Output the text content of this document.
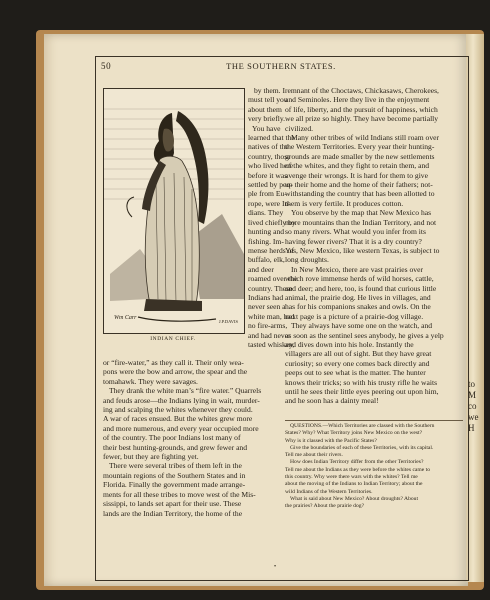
to
M
co
we
H
50	THE SOUTHERN STATES.
Wm Carr
J.P.DAVIS
INDIAN CHIEF.
by them. I
must tell you
about them
very briefly.
You have
learned that the
natives of the
country, those
who lived here
before it was
settled by peo-
ple from Eu-
rope, were In-
dians. They
lived chiefly by
hunting and
fishing. Im-
mense herds of
buffalo, elk,
and deer
roamed over the
country. These
Indians had
never seen a
white man, had
no fire-arms,
and had never
tasted whiskey,
or “fire-water,” as they call it. Their only wea-
pons were the bow and arrow, the spear and the
tomahawk. They were savages.
They drank the white man’s “fire water.” Quarrels
and feuds arose—the Indians lying in wait, murder-
ing and scalping the whites whenever they could.
A war of races ensued. But the whites grew more
and more numerous, and every year occupied more
of the country. The poor Indians lost many of
their best hunting-grounds, and grew fewer and
fewer, but they are fighting yet.
There were several tribes of them left in the
mountain regions of the Southern States and in
Florida. Finally the government made arrange-
ments for all these tribes to move west of the Mis-
sissippi, to lands set apart for their use. These
lands are the Indian Territory, the home of the
remnant of the Choctaws, Chickasaws, Cherokees,
and Seminoles. Here they live in the enjoyment
of life, liberty, and the pursuit of happiness, which
we all prize so highly. They have become partially
civilized.
Many other tribes of wild Indians still roam over
the Western Territories. Every year their hunting-
grounds are made smaller by the new settlements
of the whites, and they fight to retain them, and
avenge their wrongs. It is hard for them to give
up their home and the home of their fathers; not-
withstanding the country that has been allotted to
them is very fertile. It produces cotton.
You observe by the map that New Mexico has
more mountains than the Indian Territory, and not
so many rivers. What would you infer from its
having fewer rivers? That it is a dry country?
Yes, New Mexico, like western Texas, is subject to
long droughts.
In New Mexico, there are vast prairies over
which rove immense herds of wild horses, cattle,
and deer; and here, too, is found that curious little
animal, the prairie dog. He lives in villages, and
has for his companions snakes and owls. On the
next page is a picture of a prairie-dog village.
They always have some one on the watch, and
as soon as the sentinel sees anybody, he gives a yelp
and dives down into his hole. Instantly the
villagers are all out of sight. But they have great
curiosity; so every one comes back directly and
peeps out to see what is the matter. The hunter
knows their tricks; so with his trusty rifle he waits
until he sees their little eyes peering out upon him,
and he soon has a dainty meal!
QUESTIONS.—Which Territories are classed with the Southern
States? Why? What Territory joins New Mexico on the west?
Why is it classed with the Pacific States?
Give the boundaries of each of these Territories, with its capital.
Tell me about their rivers.
How does Indian Territory differ from the other Territories?
Tell me about the Indians as they were before the whites came to
this country. Why were there wars with the whites? Tell me
about the moving of the Indians to Indian Territory; about the
wild Indians of the Western Territories.
What is said about New Mexico? About droughts? About
the prairies? About the prairie dog?
•
